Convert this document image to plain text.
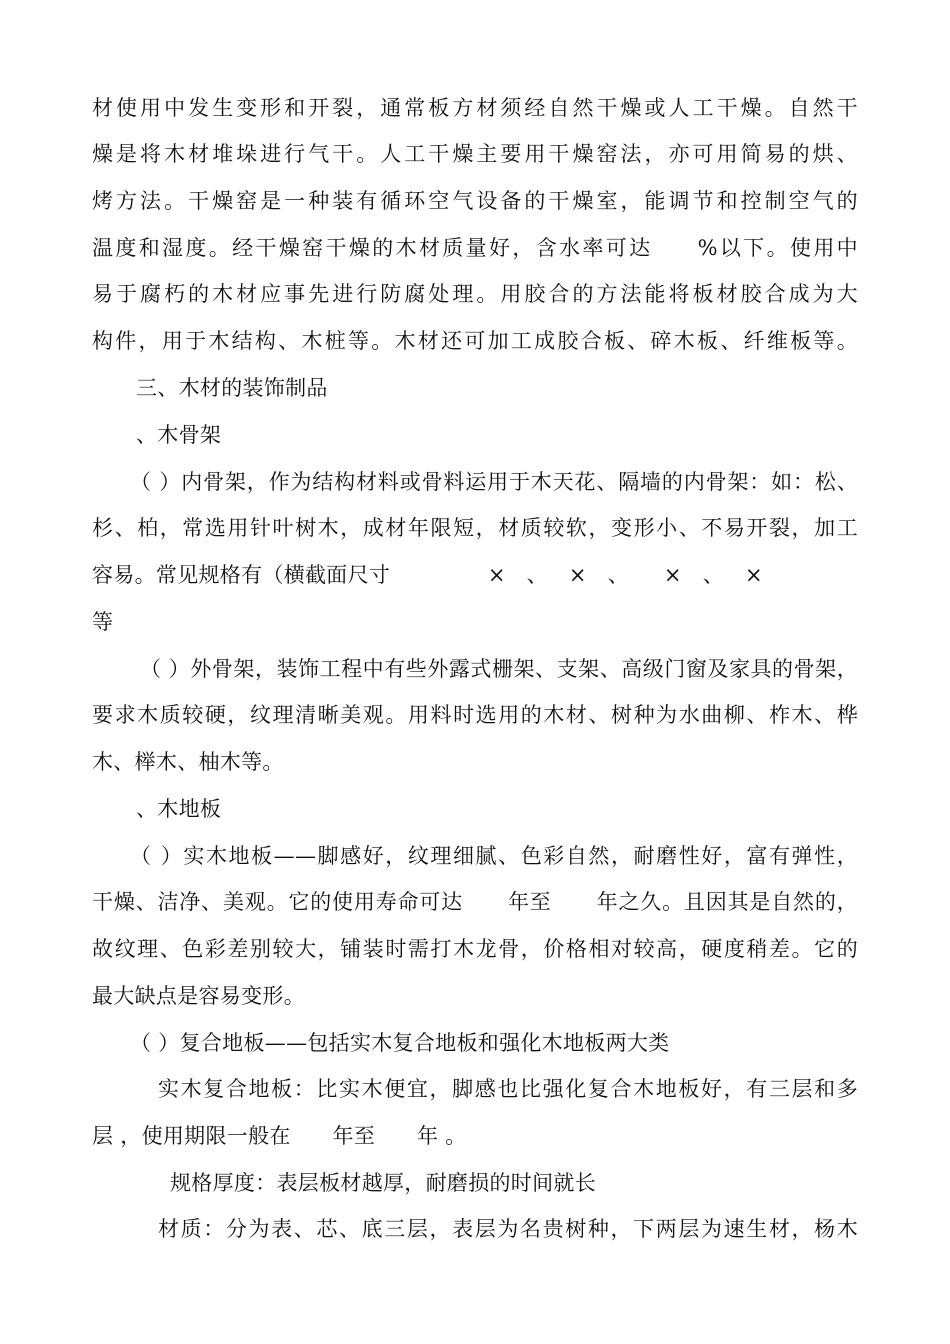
材使用中发生变形和开裂，通常板方材须经自然干燥或人工干燥。自然干
燥是将木材堆垛进行气干。人工干燥主要用干燥窑法，亦可用简易的烘、
烤方法。干燥窑是一种装有循环空气设备的干燥室，能调节和控制空气的
温度和湿度。经干燥窑干燥的木材质量好，含水率可达     %以下。使用中
易于腐朽的木材应事先进行防腐处理。用胶合的方法能将板材胶合成为大
构件，用于木结构、木桩等。木材还可加工成胶合板、碎木板、纤维板等。
三、木材的装饰制品
、木骨架
（ ）内骨架，作为结构材料或骨料运用于木天花、隔墙的内骨架：如：松、
杉、柏，常选用针叶树木，成材年限短，材质较软，变形小、不易开裂，加工
容易。常见规格有（横截面尺寸              ×   、   ×   、     ×   、   ×
等
（ ）外骨架，装饰工程中有些外露式栅架、支架、高级门窗及家具的骨架，
要求木质较硬，纹理清晰美观。用料时选用的木材、树种为水曲柳、柞木、桦
木、榉木、柚木等。
、木地板
（ ）实木地板——脚感好，纹理细腻、色彩自然，耐磨性好，富有弹性，
干燥、洁净、美观。它的使用寿命可达      年至      年之久。且因其是自然的，
故纹理、色彩差别较大，铺装时需打木龙骨，价格相对较高，硬度稍差。它的
最大缺点是容易变形。
（ ）复合地板——包括实木复合地板和强化木地板两大类
实木复合地板：比实木便宜，脚感也比强化复合木地板好，有三层和多
层 ，使用期限一般在      年至      年 。
规格厚度：表层板材越厚，耐磨损的时间就长
材质：分为表、芯、底三层，表层为名贵树种，下两层为速生材，杨木
